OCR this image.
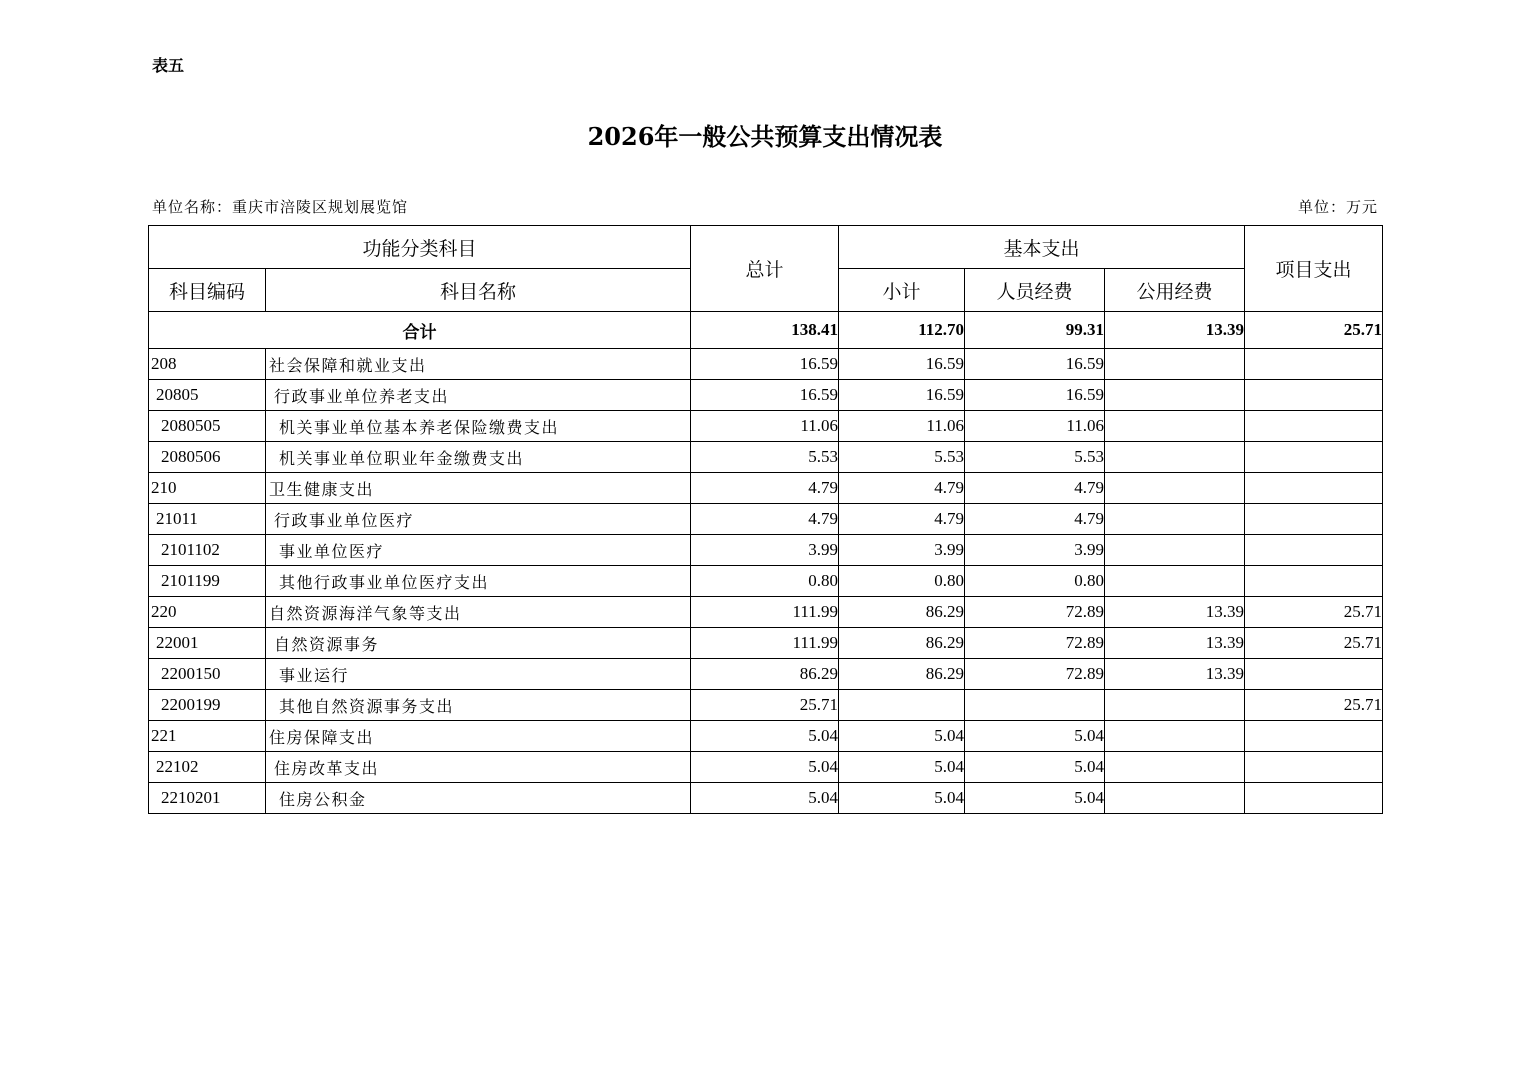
表五
2026年一般公共预算支出情况表
单位名称：重庆市涪陵区规划展览馆	单位：万元
功能分类科目		总计	基本支出			项目支出
科目编码	科目名称		小计	人员经费	公用经费	
合计		138.41	112.70	99.31	13.39	25.71
208	社会保障和就业支出	16.59	16.59	16.59		
20805	行政事业单位养老支出	16.59	16.59	16.59		
2080505	机关事业单位基本养老保险缴费支出	11.06	11.06	11.06		
2080506	机关事业单位职业年金缴费支出	5.53	5.53	5.53		
210	卫生健康支出	4.79	4.79	4.79		
21011	行政事业单位医疗	4.79	4.79	4.79		
2101102	事业单位医疗	3.99	3.99	3.99		
2101199	其他行政事业单位医疗支出	0.80	0.80	0.80		
220	自然资源海洋气象等支出	111.99	86.29	72.89	13.39	25.71
22001	自然资源事务	111.99	86.29	72.89	13.39	25.71
2200150	事业运行	86.29	86.29	72.89	13.39	
2200199	其他自然资源事务支出	25.71				25.71
221	住房保障支出	5.04	5.04	5.04		
22102	住房改革支出	5.04	5.04	5.04		
2210201	住房公积金	5.04	5.04	5.04		
